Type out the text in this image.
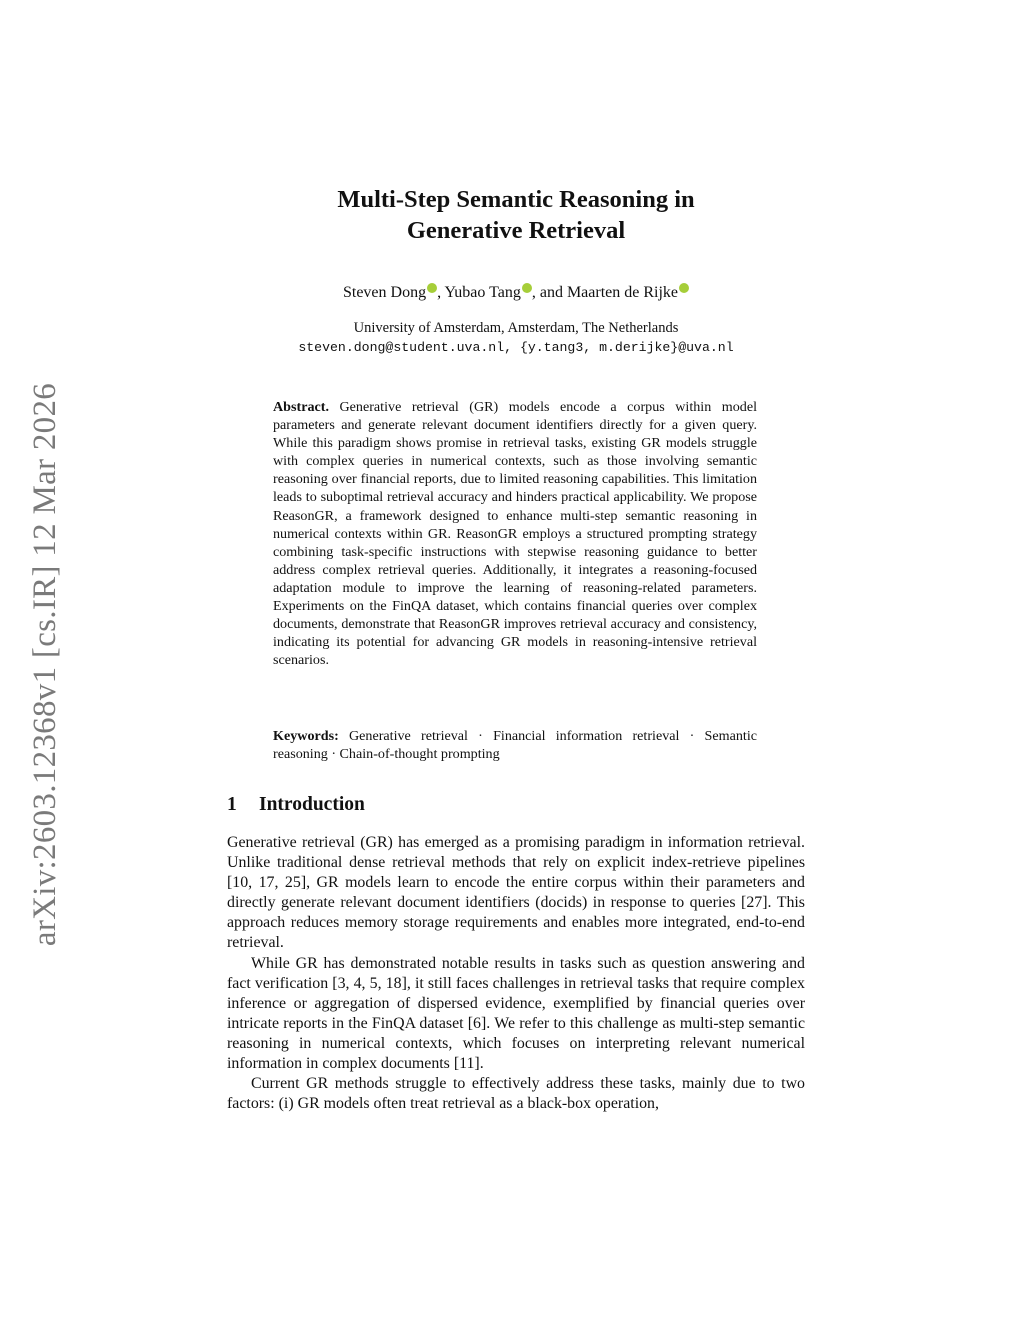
arXiv:2603.12368v1 [cs.IR] 12 Mar 2026
Multi-Step Semantic Reasoning in
Generative Retrieval
Steven Dong , Yubao Tang , and Maarten de Rijke
University of Amsterdam, Amsterdam, The Netherlands
steven.dong@student.uva.nl, {y.tang3, m.derijke}@uva.nl
Abstract. Generative retrieval (GR) models encode a corpus within model parameters and generate relevant document identifiers directly for a given query. While this paradigm shows promise in retrieval tasks, existing GR models struggle with complex queries in numerical contexts, such as those involving semantic reasoning over financial reports, due to limited reasoning capabilities. This limitation leads to suboptimal retrieval accuracy and hinders practical applicability. We propose ReasonGR, a framework designed to enhance multi-step semantic reasoning in numerical contexts within GR. ReasonGR employs a structured prompting strategy combining task-specific instructions with stepwise reasoning guidance to better address complex retrieval queries. Additionally, it integrates a reasoning-focused adaptation module to improve the learning of reasoning-related parameters. Experiments on the FinQA dataset, which contains financial queries over complex documents, demonstrate that ReasonGR improves retrieval accuracy and consistency, indicating its potential for advancing GR models in reasoning-intensive retrieval scenarios.
Keywords: Generative retrieval · Financial information retrieval · Semantic reasoning · Chain-of-thought prompting
1 Introduction

Generative retrieval (GR) has emerged as a promising paradigm in information retrieval. Unlike traditional dense retrieval methods that rely on explicit index-retrieve pipelines [10, 17, 25], GR models learn to encode the entire corpus within their parameters and directly generate relevant document identifiers (docids) in response to queries [27]. This approach reduces memory storage requirements and enables more integrated, end-to-end retrieval.

While GR has demonstrated notable results in tasks such as question answering and fact verification [3, 4, 5, 18], it still faces challenges in retrieval tasks that require complex inference or aggregation of dispersed evidence, exemplified by financial queries over intricate reports in the FinQA dataset [6]. We refer to this challenge as multi-step semantic reasoning in numerical contexts, which focuses on interpreting relevant numerical information in complex documents [11].

Current GR methods struggle to effectively address these tasks, mainly due to two factors: (i) GR models often treat retrieval as a black-box operation,
